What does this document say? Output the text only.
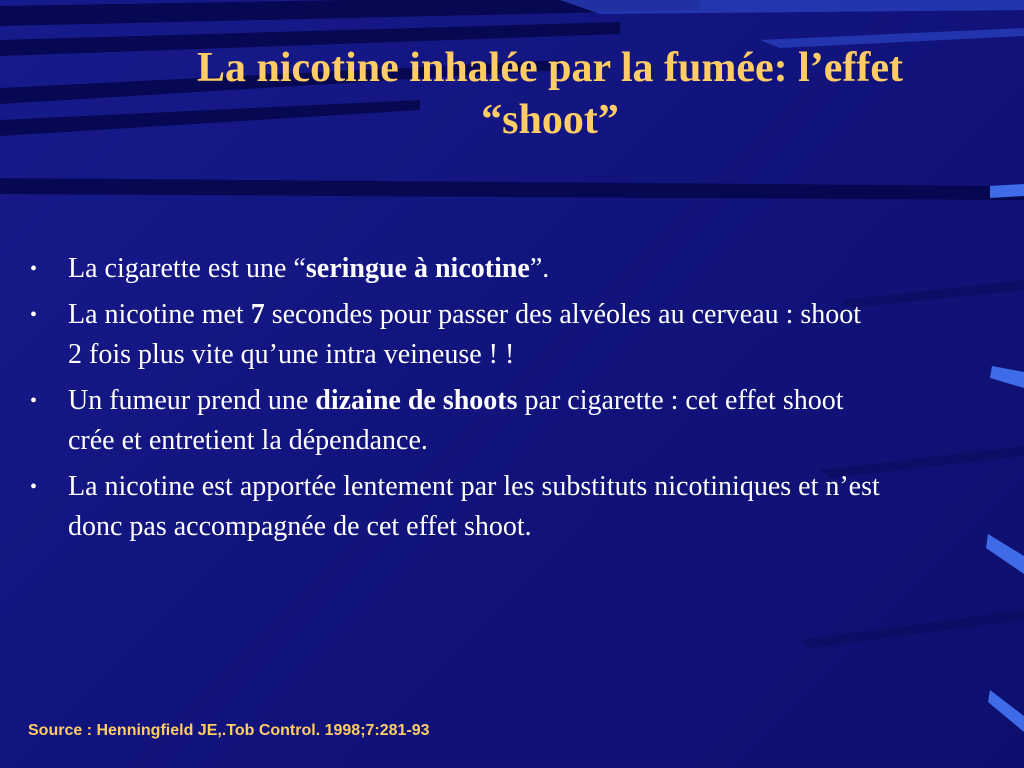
La nicotine inhalée par la fumée: l’effet
“shoot”
• La cigarette est une “seringue à nicotine”.
• La nicotine met 7 secondes pour passer des alvéoles au cerveau : shoot 2 fois plus vite qu’une intra veineuse ! !
• Un fumeur prend une dizaine de shoots par cigarette : cet effet shoot crée et entretient la dépendance.
• La nicotine est apportée lentement par les substituts nicotiniques et n’est donc pas accompagnée de cet effet shoot.
Source : Henningfield JE,.Tob Control. 1998;7:281-93
